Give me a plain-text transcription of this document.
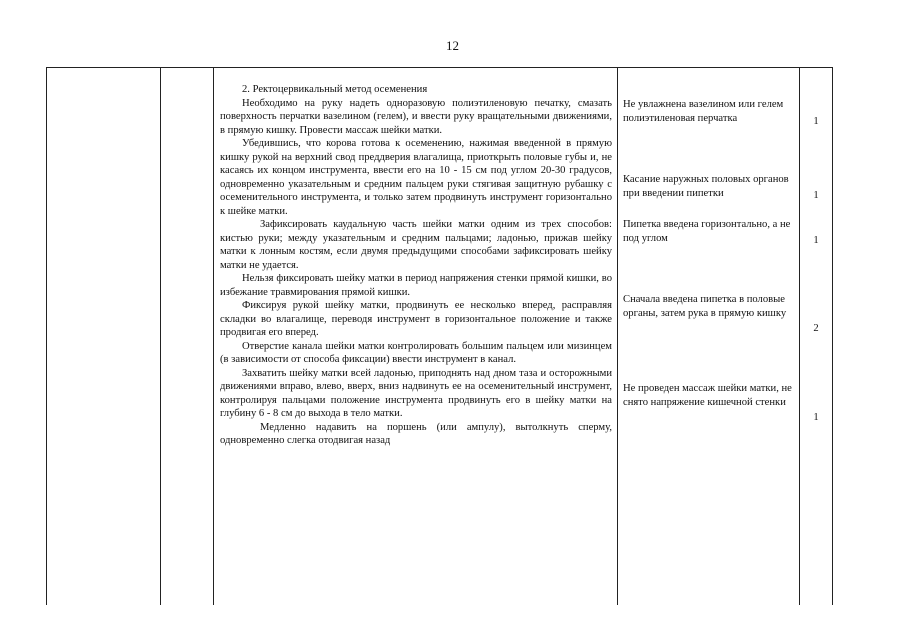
12

2. Ректоцервикальный метод осеменения

Необходимо на руку надеть одноразовую полиэтиленовую печатку, смазать поверхность перчатки вазелином (гелем), и ввести руку вращательными движениями, в прямую кишку. Провести массаж шейки матки.

Убедившись, что корова готова к осеменению, нажимая введенной в прямую кишку рукой на верхний свод преддверия влагалища, приоткрыть половые губы и, не касаясь их концом инструмента, ввести его на 10 - 15 см под углом 20-30 градусов, одновременно указательным и средним пальцем руки стягивая защитную рубашку с осеменительного инструмента, и только затем продвинуть инструмент горизонтально к шейке матки.

Зафиксировать каудальную часть шейки матки одним из трех способов: кистью руки; между указательным и средним пальцами; ладонью, прижав шейку матки к лонным костям, если двумя предыдущими способами зафиксировать шейку матки не удается.

Нельзя фиксировать шейку матки в период напряжения стенки прямой кишки, во избежание травмирования прямой кишки.

Фиксируя рукой шейку матки, продвинуть ее несколько вперед, расправляя складки во влагалище, переводя инструмент в горизонтальное положение и также продвигая его вперед.

Отверстие канала шейки матки контролировать большим пальцем или мизинцем (в зависимости от способа фиксации) ввести инструмент в канал.

Захватить шейку матки всей ладонью, приподнять над дном таза и осторожными движениями вправо, влево, вверх, вниз надвинуть ее на осеменительный инструмент, контролируя пальцами положение инструмента продвинуть его в шейку матки на глубину 6 - 8 см до выхода в тело матки.

Медленно надавить на поршень (или ампулу), вытолкнуть сперму, одновременно слегка отодвигая назад

Не увлажнена вазелином или гелем полиэтиленовая перчатка

Касание наружных половых органов при введении пипетки

Пипетка введена горизонтально, а не под углом

Сначала введена пипетка в половые органы, затем рука в прямую кишку

Не проведен массаж шейки матки, не снято напряжение кишечной стенки

1
1
1
2
1
